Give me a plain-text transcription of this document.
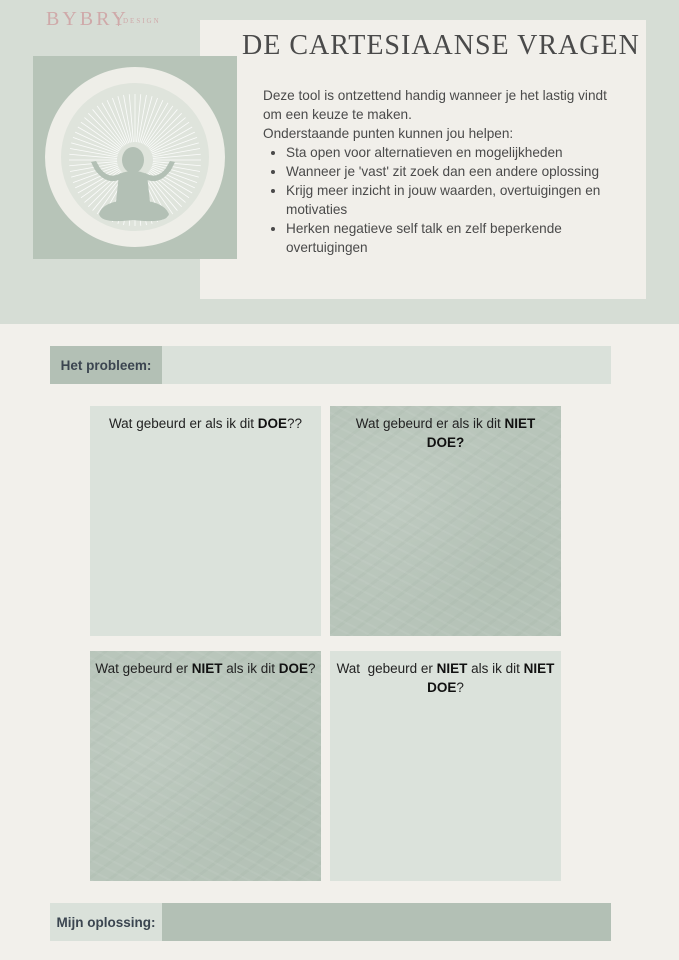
BYBRY
DESIGN
DE CARTESIAANSE VRAGEN

Deze tool is ontzettend handig wanneer je het lastig vindt om een keuze te maken.

Onderstaande punten kunnen jou helpen:

• Sta open voor alternatieven en mogelijkheden
• Wanneer je 'vast' zit zoek dan een andere oplossing
• Krijg meer inzicht in jouw waarden, overtuigingen en motivaties
• Herken negatieve self talk en zelf beperkende overtuigingen
Het probleem:

Wat gebeurd er als ik dit DOE??	Wat gebeurd er als ik dit NIET DOE?

Wat gebeurd er NIET als ik dit DOE?	Wat  gebeurd er NIET als ik dit NIET DOE?

Mijn oplossing:
